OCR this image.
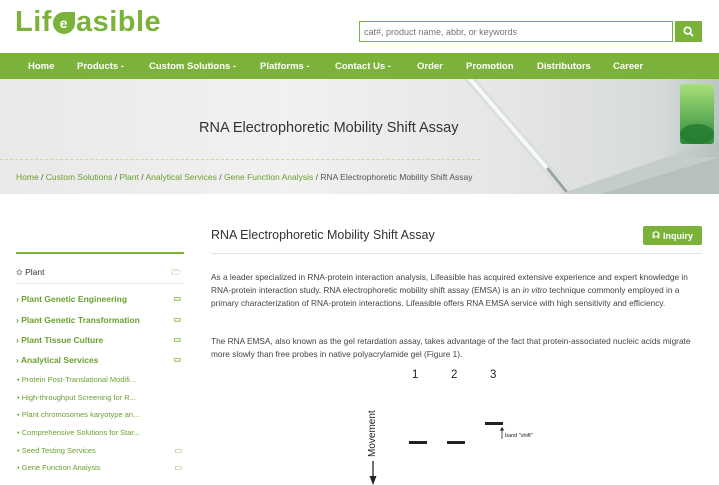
Lif e asible
cat#, product name, abbr, or keywords
Home Products -	Custom Solutions -	Platforms -	Contact Us -	Order Promotion Distributors Career
RNA Electrophoretic Mobility Shift Assay
Home / Custom Solutions / Plant / Analytical Services / Gene Function Analysis / RNA Electrophoretic Mobility Shift Assay
✿ Plant	🗁
› Plant Genetic Engineering	▭
› Plant Genetic Transformation	▭
› Plant Tissue Culture	▭
› Analytical Services	▭
• Protein Post-Translational Modifi...
• High-throughput Screening for R...
• Plant chromosomes karyotype an...
• Comprehensive Solutions for Star...
• Seed Testing Services	▭
• Gene Function Analysis	▭
RNA Electrophoretic Mobility Shift Assay	☊ Inquiry
As a leader specialized in RNA-protein interaction analysis, Lifeasible has acquired extensive experience and expert knowledge in RNA-protein interaction study. RNA electrophoretic mobility shift assay (EMSA) is an in vitro technique commonly employed in a primary characterization of RNA-protein interactions. Lifeasible offers RNA EMSA service with high sensitivity and efficiency.
The RNA EMSA, also known as the gel retardation assay, takes advantage of the fact that protein-associated nucleic acids migrate more slowly than free probes in native polyacrylamide gel (Figure 1).
1	2	3
band "shift"
Movement
